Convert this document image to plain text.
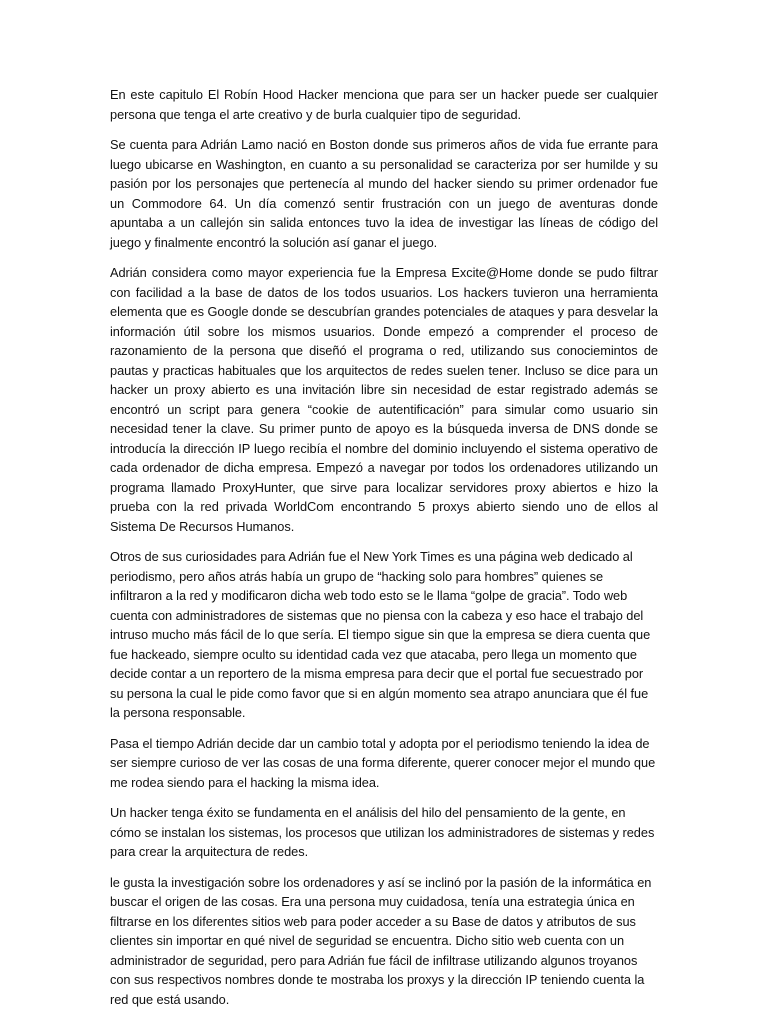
En este capitulo El Robín Hood Hacker menciona que para ser un hacker puede ser cualquier persona que tenga el arte creativo y de burla cualquier tipo de seguridad.

Se cuenta para Adrián Lamo nació en Boston donde sus primeros años de vida fue errante para luego ubicarse en Washington, en cuanto a su personalidad se caracteriza por ser humilde y su pasión por los personajes que pertenecía al mundo del hacker siendo su primer ordenador fue un Commodore 64. Un día comenzó sentir frustración con un juego de aventuras donde apuntaba a un callejón sin salida entonces tuvo la idea de investigar las líneas de código del juego y finalmente encontró la solución así ganar el juego.

Adrián considera como mayor experiencia fue la Empresa Excite@Home donde se pudo filtrar con facilidad a la base de datos de los todos usuarios. Los hackers tuvieron una herramienta elementa que es Google donde se descubrían grandes potenciales de ataques y para desvelar la información útil sobre los mismos usuarios. Donde empezó a comprender el proceso de razonamiento de la persona que diseñó el programa o red, utilizando sus conociemintos de pautas y practicas habituales que los arquitectos de redes suelen tener. Incluso se dice para un hacker un proxy abierto es una invitación libre sin necesidad de estar registrado además se encontró un script para genera “cookie de autentificación” para simular como usuario sin necesidad tener la clave. Su primer punto de apoyo es la búsqueda inversa de DNS donde se introducía la dirección IP luego recibía el nombre del dominio incluyendo el sistema operativo de cada ordenador de dicha empresa. Empezó a navegar por todos los ordenadores utilizando un programa llamado ProxyHunter, que sirve para localizar servidores proxy abiertos e hizo la prueba con la red privada WorldCom encontrando 5 proxys abierto siendo uno de ellos al Sistema De Recursos Humanos.

Otros de sus curiosidades para Adrián fue el New York Times es una página web dedicado al periodismo, pero años atrás había un grupo de “hacking solo para hombres” quienes se infiltraron a la red y modificaron dicha web todo esto se le llama “golpe de gracia”. Todo web cuenta con administradores de sistemas que no piensa con la cabeza y eso hace el trabajo del intruso mucho más fácil de lo que sería. El tiempo sigue sin que la empresa se diera cuenta que fue hackeado, siempre oculto su identidad cada vez que atacaba, pero llega un momento que decide contar a un reportero de la misma empresa para decir que el portal fue secuestrado por su persona la cual le pide como favor que si en algún momento sea atrapo anunciara que él fue la persona responsable.

Pasa el tiempo Adrián decide dar un cambio total y adopta por el periodismo teniendo la idea de ser siempre curioso de ver las cosas de una forma diferente, querer conocer mejor el mundo que me rodea siendo para el hacking la misma idea.

Un hacker tenga éxito se fundamenta en el análisis del hilo del pensamiento de la gente, en cómo se instalan los sistemas, los procesos que utilizan los administradores de sistemas y redes para crear la arquitectura de redes.

le gusta la investigación sobre los ordenadores y así se inclinó por la pasión de la informática en buscar el origen de las cosas. Era una persona muy cuidadosa, tenía una estrategia única en filtrarse en los diferentes sitios web para poder acceder a su Base de datos y atributos de sus clientes sin importar en qué nivel de seguridad se encuentra. Dicho sitio web cuenta con un administrador de seguridad, pero para Adrián fue fácil de infiltrase utilizando algunos troyanos con sus respectivos nombres donde te mostraba los proxys y la dirección IP teniendo cuenta la red que está usando.
